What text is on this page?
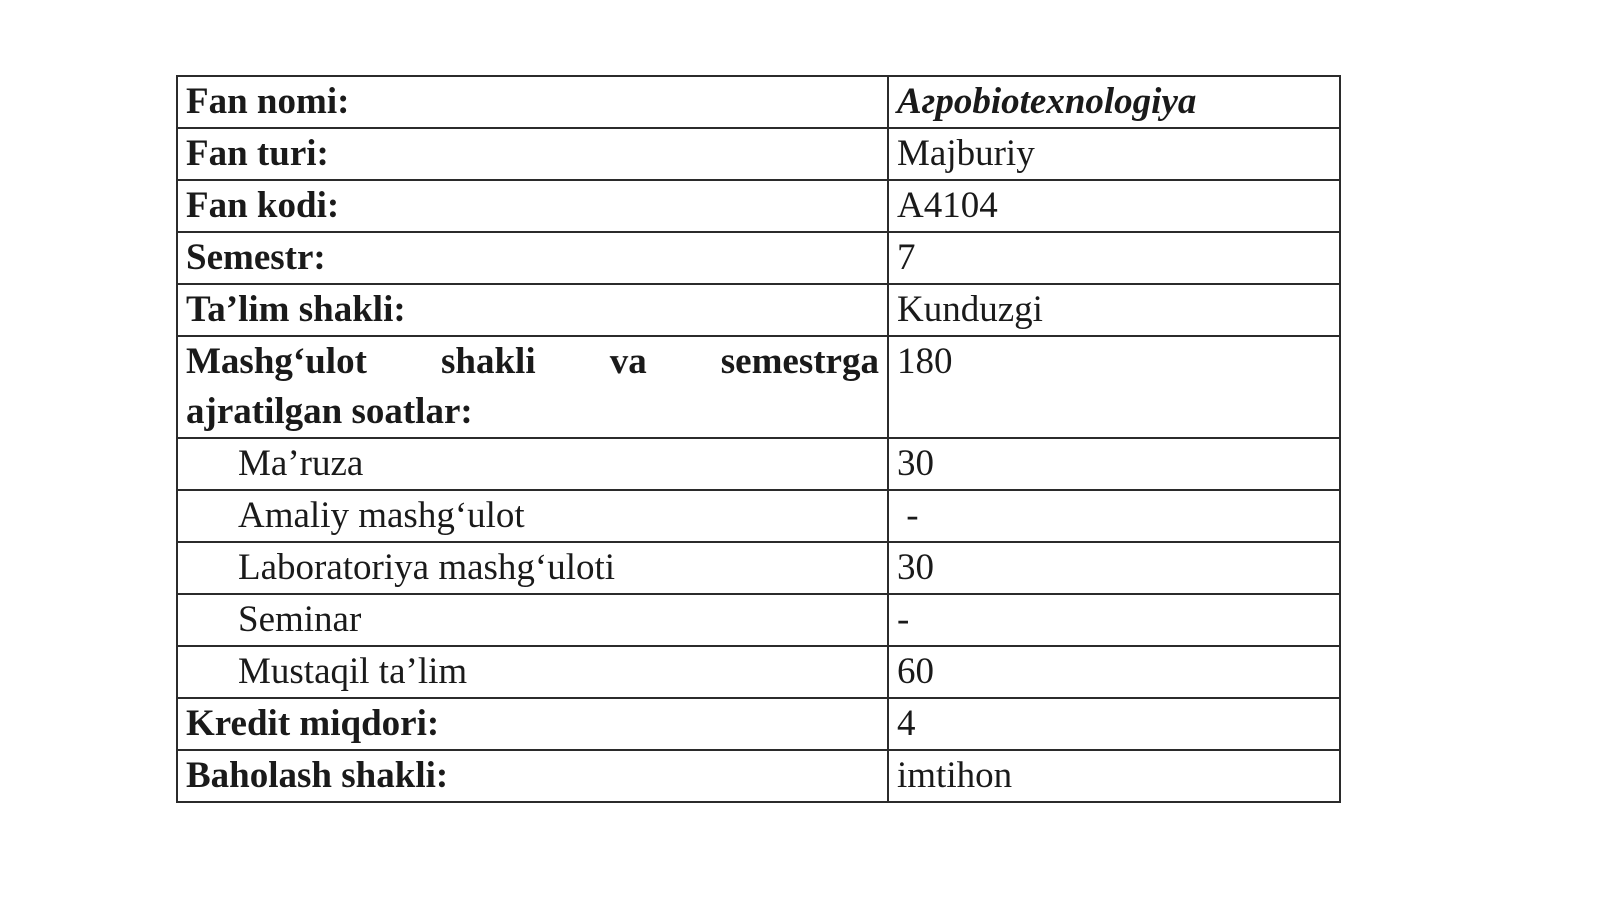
Fan nomi:	Aгpobiotexnologiya
Fan turi:	Majburiy
Fan kodi:	A4104
Semestr:	7
Ta’lim shakli:	Kunduzgi

Mashg‘ulot shakli va semestrga
ajratilgan soatlar:	180
Ma’ruza	30
Amaliy mashg‘ulot	-
Laboratoriya mashg‘uloti	30
Seminar	-
Mustaqil ta’lim	60
Kredit miqdori:	4
Baholash shakli:	imtihon
